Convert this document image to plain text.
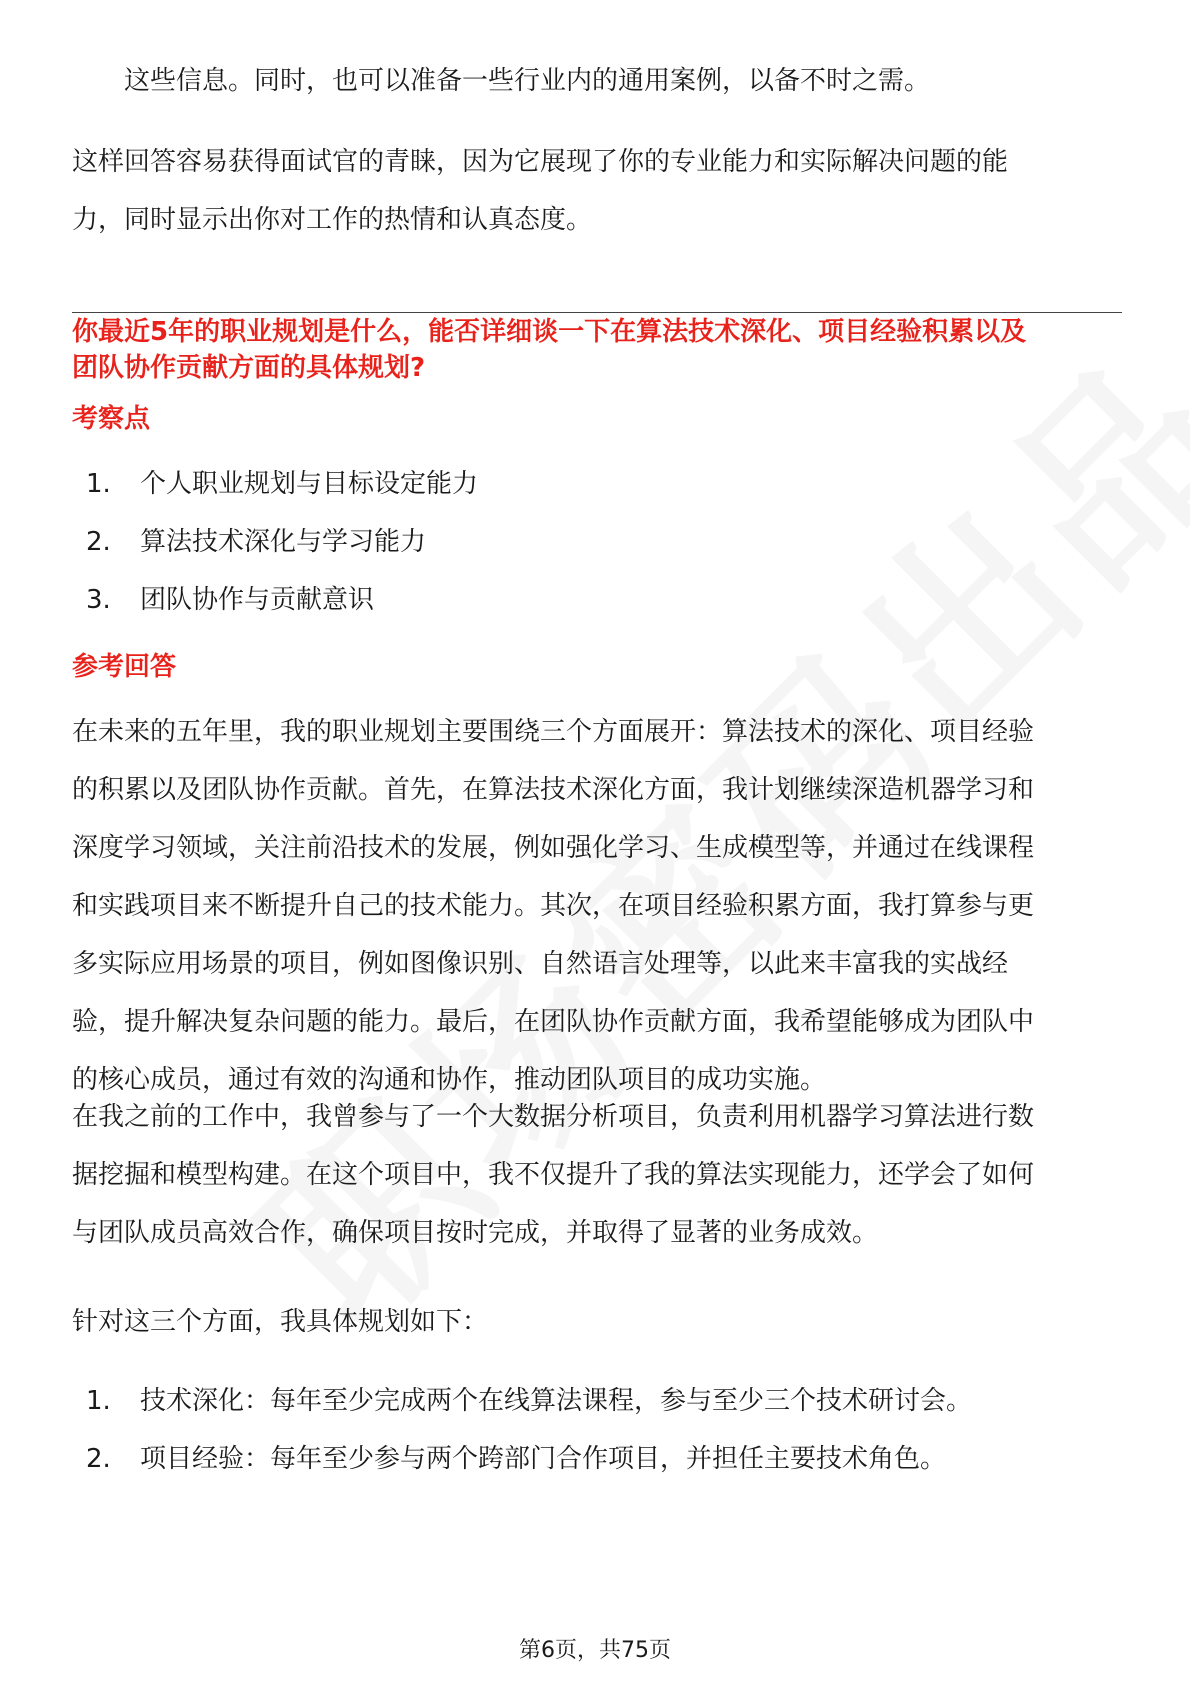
这些信息。同时，也可以准备一些行业内的通用案例，以备不时之需。

这样回答容易获得面试官的青睐，因为它展现了你的专业能力和实际解决问题的能力，同时显示出你对工作的热情和认真态度。

你最近5年的职业规划是什么，能否详细谈一下在算法技术深化、项目经验积累以及团队协作贡献方面的具体规划?

考察点

1.	个人职业规划与目标设定能力
2.	算法技术深化与学习能力
3.	团队协作与贡献意识

参考回答

在未来的五年里，我的职业规划主要围绕三个方面展开：算法技术的深化、项目经验的积累以及团队协作贡献。首先，在算法技术深化方面，我计划继续深造机器学习和深度学习领域，关注前沿技术的发展，例如强化学习、生成模型等，并通过在线课程和实践项目来不断提升自己的技术能力。其次，在项目经验积累方面，我打算参与更多实际应用场景的项目，例如图像识别、自然语言处理等，以此来丰富我的实战经验，提升解决复杂问题的能力。最后，在团队协作贡献方面，我希望能够成为团队中的核心成员，通过有效的沟通和协作，推动团队项目的成功实施。

在我之前的工作中，我曾参与了一个大数据分析项目，负责利用机器学习算法进行数据挖掘和模型构建。在这个项目中，我不仅提升了我的算法实现能力，还学会了如何与团队成员高效合作，确保项目按时完成，并取得了显著的业务成效。

针对这三个方面，我具体规划如下：

1.	技术深化：每年至少完成两个在线算法课程，参与至少三个技术研讨会。
2.	项目经验：每年至少参与两个跨部门合作项目，并担任主要技术角色。
第6页，共75页
